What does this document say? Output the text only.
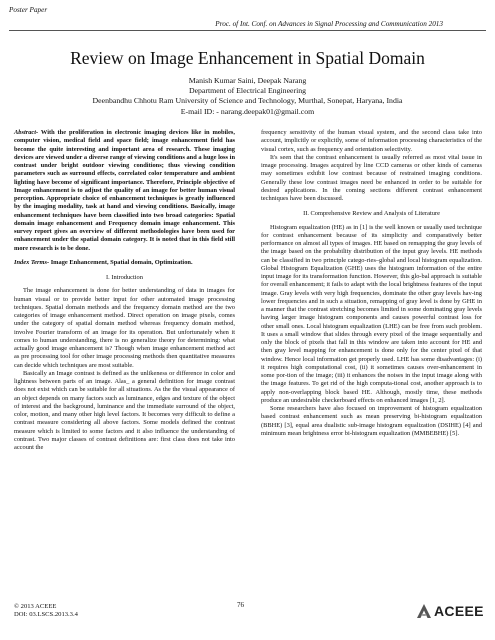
Poster Paper
Proc. of Int. Conf. on Advances in Signal Processing and Communication 2013
Review on Image Enhancement in Spatial Domain
Manish Kumar Saini, Deepak Narang
Department of Electrical Engineering
Deenbandhu Chhotu Ram University of Science and Technology, Murthal, Sonepat, Haryana, India
E-mail ID: - narang.deepak01@gmail.com

Abstract- With the proliferation in electronic imaging devices like in mobiles, computer vision, medical field and space field; image enhancement field has become the quite interesting and important area of research. These imaging devices are viewed under a diverse range of viewing conditions and a huge loss in contrast under bright outdoor viewing conditions; thus viewing condition parameters such as surround effects, correlated color temperature and ambient lighting have become of significant importance. Therefore, Principle objective of Image enhancement is to adjust the quality of an image for better human visual perception. Appropriate choice of enhancement techniques is greatly influenced by the imaging modality, task at hand and viewing conditions. Basically, image enhancement techniques have been classified into two broad categories: Spatial domain image enhancement and Frequency domain image enhancement. This survey report gives an overview of different methodologies have been used for enhancement under the spatial domain category. It is noted that in this field still more research is to be done.

Index Terms- Image Enhancement, Spatial domain, Optimization.

I. Introduction

The image enhancement is done for better understanding of data in images for human visual or to provide better input for other automated image processing techniques. Spatial domain methods and the frequency domain method are the two categories of image enhancement method. Direct operation on image pixels, comes under the category of spatial domain method whereas frequency domain method, involve Fourier transform of an image for its operation. But unfortunately when it comes to human understanding, there is no generalize theory for determining: what actually good image enhancement is? Though when image enhancement method act as pre processing tool for other image processing methods then quantitative measures can decide which techniques are most suitable.

Basically an Image contrast is defined as the unlikeness or difference in color and lightness between parts of an image. Alas_ a general definition for image contrast does not exist which can be suitable for all situations. As the the visual appearance of an object depends on many factors such as luminance, edges and texture of the object of interest and the background, luminance and the immediate surround of the object, color, motion, and many other high level factors. It becomes very difficult to define a contrast measure considering all above factors. Some models defined the contrast measure which is limited to some factors and it also influence the understanding of contrast. Two major classes of contrast definitions are: first class does not take into account the

frequency sensitivity of the human visual system, and the second class take into account, implicitly or explicitly, some of information processing characteristics of the visual cortex, such as frequency and orientation selectivity.

It's seen that the contrast enhancement is usually referred as most vital issue in image processing. Images acquired by line CCD cameras or other kinds of cameras may sometimes exhibit low contrast because of restrained imaging conditions. Generally these low contrast images need be enhanced in order to be suitable for desired applications. In the coming sections different contrast enhancement techniques have been discussed.

II. Comprehensive Review and Analysis of Literature

Histogram equalization (HE) as in [1] is the well known or usually used technique for contrast enhancement because of its simplicity and comparatively better performance on almost all types of images. HE based on remapping the gray levels of the image based on the probability distribution of the input gray levels. HE methods can be classified in two principle catego-ries–global and local histogram equalization. Global Histogram Equalization (GHE) uses the histogram information of the entire input image for its transformation function. However, this glo-bal approach is suitable for overall enhancement; it fails to adapt with the local brightness features of the input image. Gray levels with very high frequencies, dominate the other gray levels hav-ing lower frequencies and in such a situation, remapping of gray level is done by GHE in a manner that the contrast stretching becomes limited in some dominating gray levels having larger image histogram components and causes powerful contrast loss for other small ones. Local histogram equalization (LHE) can be free from such problem. It uses a small window that slides through every pixel of the image sequentially and only the block of pixels that fall in this window are taken into account for HE and then gray level mapping for enhancement is done only for the center pixel of that window. Hence local information get properly used. LHE has some disadvantages: (i) it requires high computational cost, (ii) it sometimes causes over-enhancement in some por-tion of the image; (iii) it enhances the noises in the input image along with the image features. To get rid of the high computa-tional cost, another approach is to apply non-overlapping block based HE. Although, mostly time, these methods produce an undesirable checkerboard effects on enhanced images [1, 2].

Some researchers have also focused on improvement of histogram equalization based contrast enhancement such as mean preserving bi-histogram equalization (BBHE) [3], equal area dualistic sub-image histogram equalization (DSIHE) [4] and minimum mean brightness error bi-histogram equalization (MMBEBHE) [5].

© 2013 ACEEE
DOI: 03.LSCS.2013.3.4
76	ACEEE
